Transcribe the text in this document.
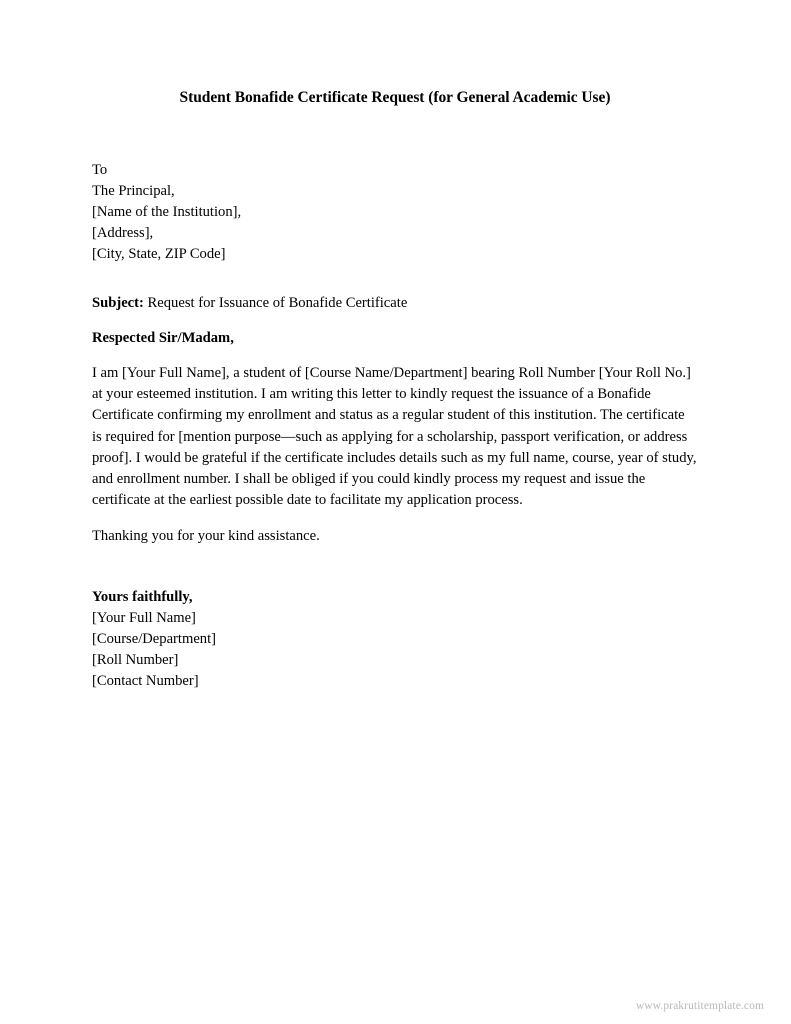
Student Bonafide Certificate Request (for General Academic Use)
To
The Principal,
[Name of the Institution],
[Address],
[City, State, ZIP Code]
Subject: Request for Issuance of Bonafide Certificate
Respected Sir/Madam,

I am [Your Full Name], a student of [Course Name/Department] bearing Roll Number [Your Roll No.] at your esteemed institution. I am writing this letter to kindly request the issuance of a Bonafide Certificate confirming my enrollment and status as a regular student of this institution. The certificate is required for [mention purpose—such as applying for a scholarship, passport verification, or address proof]. I would be grateful if the certificate includes details such as my full name, course, year of study, and enrollment number. I shall be obliged if you could kindly process my request and issue the certificate at the earliest possible date to facilitate my application process.

Thanking you for your kind assistance.

Yours faithfully,
[Your Full Name]
[Course/Department]
[Roll Number]
[Contact Number]
www.prakrutitemplate.com
